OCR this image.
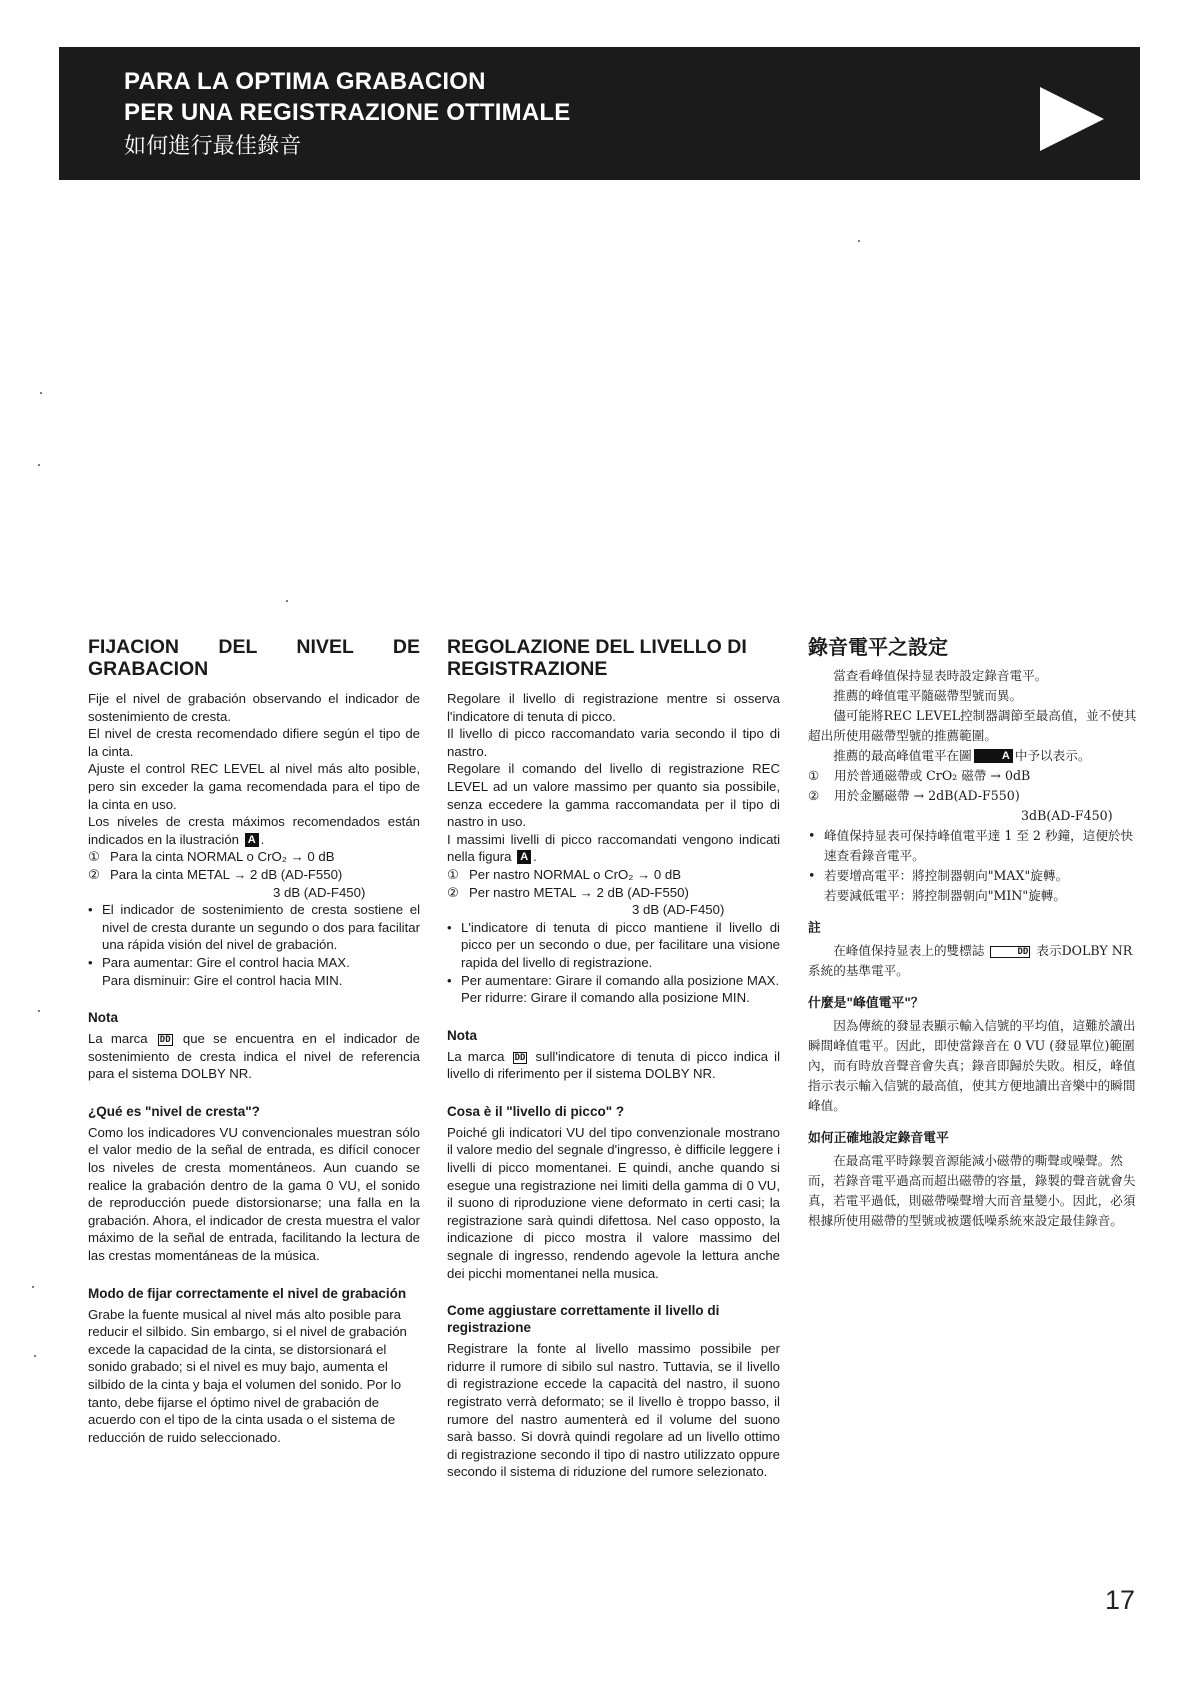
PARA LA OPTIMA GRABACION
PER UNA REGISTRAZIONE OTTIMALE
如何進行最佳錄音
FIJACION DEL NIVEL DE
GRABACION

Fije el nivel de grabación observando el indicador de sostenimiento de cresta.

El nivel de cresta recomendado difiere según el tipo de la cinta.

Ajuste el control REC LEVEL al nivel más alto posible, pero sin exceder la gama recomendada para el tipo de la cinta en uso.

Los niveles de cresta máximos recomendados están indicados en la ilustración A .

① Para la cinta NORMAL o CrO₂ → 0 dB
② Para la cinta METAL → 2 dB (AD-F550)
3 dB (AD-F450)
• El indicador de sostenimiento de cresta sostiene el nivel de cresta durante un segundo o dos para facilitar una rápida visión del nivel de grabación.
• Para aumentar: Gire el control hacia MAX.
Para disminuir: Gire el control hacia MIN.
Nota

La marca DD que se encuentra en el indicador de sostenimiento de cresta indica el nivel de referencia para el sistema DOLBY NR.

¿Qué es "nivel de cresta"?

Como los indicadores VU convencionales muestran sólo el valor medio de la señal de entrada, es difícil conocer los niveles de cresta momentáneos. Aun cuando se realice la grabación dentro de la gama 0 VU, el sonido de reproducción puede distorsionarse; una falla en la grabación. Ahora, el indicador de cresta muestra el valor máximo de la señal de entrada, facilitando la lectura de las crestas momentáneas de la música.

Modo de fijar correctamente el nivel de grabación

Grabe la fuente musical al nivel más alto posible para reducir el silbido. Sin embargo, si el nivel de grabación excede la capacidad de la cinta, se distorsionará el sonido grabado; si el nivel es muy bajo, aumenta el silbido de la cinta y baja el volumen del sonido. Por lo tanto, debe fijarse el óptimo nivel de grabación de acuerdo con el tipo de la cinta usada o el sistema de reducción de ruido seleccionado.

REGOLAZIONE DEL LIVELLO DI REGISTRAZIONE

Regolare il livello di registrazione mentre si osserva l'indicatore di tenuta di picco.

Il livello di picco raccomandato varia secondo il tipo di nastro.

Regolare il comando del livello di registrazione REC LEVEL ad un valore massimo per quanto sia possibile, senza eccedere la gamma raccomandata per il tipo di nastro in uso.

I massimi livelli di picco raccomandati vengono indicati nella figura A .

① Per nastro NORMAL o CrO₂ → 0 dB
② Per nastro METAL → 2 dB (AD-F550)
3 dB (AD-F450)
• L'indicatore di tenuta di picco mantiene il livello di picco per un secondo o due, per facilitare una visione rapida del livello di registrazione.
• Per aumentare: Girare il comando alla posizione MAX.
Per ridurre: Girare il comando alla posizione MIN.
Nota

La marca DD sull'indicatore di tenuta di picco indica il livello di riferimento per il sistema DOLBY NR.

Cosa è il "livello di picco" ?

Poiché gli indicatori VU del tipo convenzionale mostrano il valore medio del segnale d'ingresso, è difficile leggere i livelli di picco momentanei. E quindi, anche quando si esegue una registrazione nei limiti della gamma di 0 VU, il suono di riproduzione viene deformato in certi casi; la registrazione sarà quindi difettosa. Nel caso opposto, la indicazione di picco mostra il valore massimo del segnale di ingresso, rendendo agevole la lettura anche dei picchi momentanei nella musica.

Come aggiustare correttamente il livello di registrazione

Registrare la fonte al livello massimo possibile per ridurre il rumore di sibilo sul nastro. Tuttavia, se il livello di registrazione eccede la capacità del nastro, il suono registrato verrà deformato; se il livello è troppo basso, il rumore del nastro aumenterà ed il volume del suono sarà basso. Si dovrà quindi regolare ad un livello ottimo di registrazione secondo il tipo di nastro utilizzato oppure secondo il sistema di riduzione del rumore selezionato.

錄音電平之設定

當查看峰值保持显表時設定錄音電平。

推薦的峰值電平隨磁帶型號而異。

儘可能將REC LEVEL控制器調節至最高值，並不使其超出所使用磁帶型號的推薦範圍。

推薦的最高峰值電平在圖	A 中予以表示。

① 用於普通磁帶或 CrO₂ 磁帶 → 0dB
② 用於金屬磁帶 → 2dB(AD-F550)
3dB(AD-F450)
• 峰值保持显表可保持峰值電平達 1 至 2 秒鐘，這便於快速查看錄音電平。
• 若要增高電平：將控制器朝向"MAX"旋轉。
若要減低電平：將控制器朝向"MIN"旋轉。
註

在峰值保持显表上的雙標誌	DD 表示DOLBY NR系統的基準電平。

什麼是"峰值電平"？

因為傳統的發显表顯示輸入信號的平均值，這難於讀出瞬間峰值電平。因此，即使當錄音在 0 VU (發显單位)範圍內，而有時放音聲音會失真；錄音即歸於失敗。相反，峰值指示表示輸入信號的最高值，使其方便地讀出音樂中的瞬間峰值。

如何正確地設定錄音電平

在最高電平時錄製音源能減小磁帶的嘶聲或噪聲。然而，若錄音電平過高而超出磁帶的容量，錄製的聲音就會失真，若電平過低，則磁帶噪聲增大而音量變小。因此，必須根據所使用磁帶的型號或被選低噪系統來設定最佳錄音。

17
